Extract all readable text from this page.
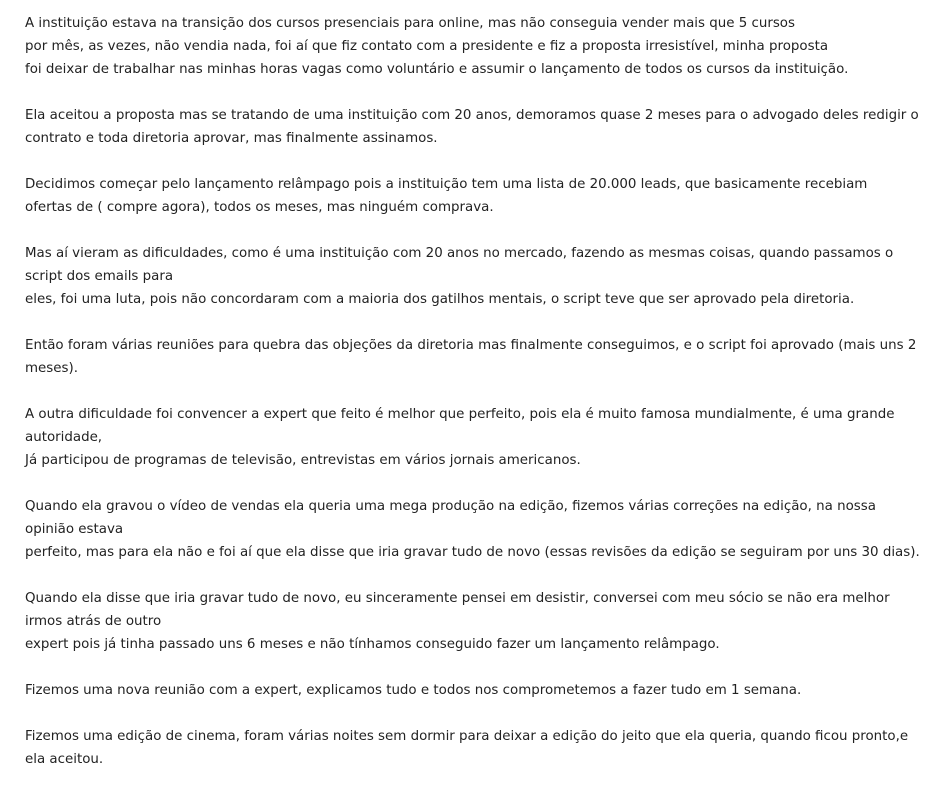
A instituição estava na transição dos cursos presenciais para online, mas não conseguia vender mais que 5 cursos
por mês, as vezes, não vendia nada, foi aí que fiz contato com a presidente e fiz a proposta irresistível, minha proposta
foi deixar de trabalhar nas minhas horas vagas como voluntário e assumir o lançamento de todos os cursos da instituição.

Ela aceitou a proposta mas se tratando de uma instituição com 20 anos, demoramos quase 2 meses para o advogado deles redigir o
contrato e toda diretoria aprovar, mas finalmente assinamos.

Decidimos começar pelo lançamento relâmpago pois a instituição tem uma lista de 20.000 leads, que basicamente recebiam
ofertas de ( compre agora), todos os meses, mas ninguém comprava.

Mas aí vieram as dificuldades, como é uma instituição com 20 anos no mercado, fazendo as mesmas coisas, quando passamos o
script dos emails para
eles, foi uma luta, pois não concordaram com a maioria dos gatilhos mentais, o script teve que ser aprovado pela diretoria.

Então foram várias reuniões para quebra das objeções da diretoria mas finalmente conseguimos, e o script foi aprovado (mais uns 2
meses).

A outra dificuldade foi convencer a expert que feito é melhor que perfeito, pois ela é muito famosa mundialmente, é uma grande
autoridade,
Já participou de programas de televisão, entrevistas em vários jornais americanos.

Quando ela gravou o vídeo de vendas ela queria uma mega produção na edição, fizemos várias correções na edição, na nossa
opinião estava
perfeito, mas para ela não e foi aí que ela disse que iria gravar tudo de novo (essas revisões da edição se seguiram por uns 30 dias).

Quando ela disse que iria gravar tudo de novo, eu sinceramente pensei em desistir, conversei com meu sócio se não era melhor
irmos atrás de outro
expert pois já tinha passado uns 6 meses e não tínhamos conseguido fazer um lançamento relâmpago.

Fizemos uma nova reunião com a expert, explicamos tudo e todos nos comprometemos a fazer tudo em 1 semana.

Fizemos uma edição de cinema, foram várias noites sem dormir para deixar a edição do jeito que ela queria, quando ficou pronto,e
ela aceitou.
